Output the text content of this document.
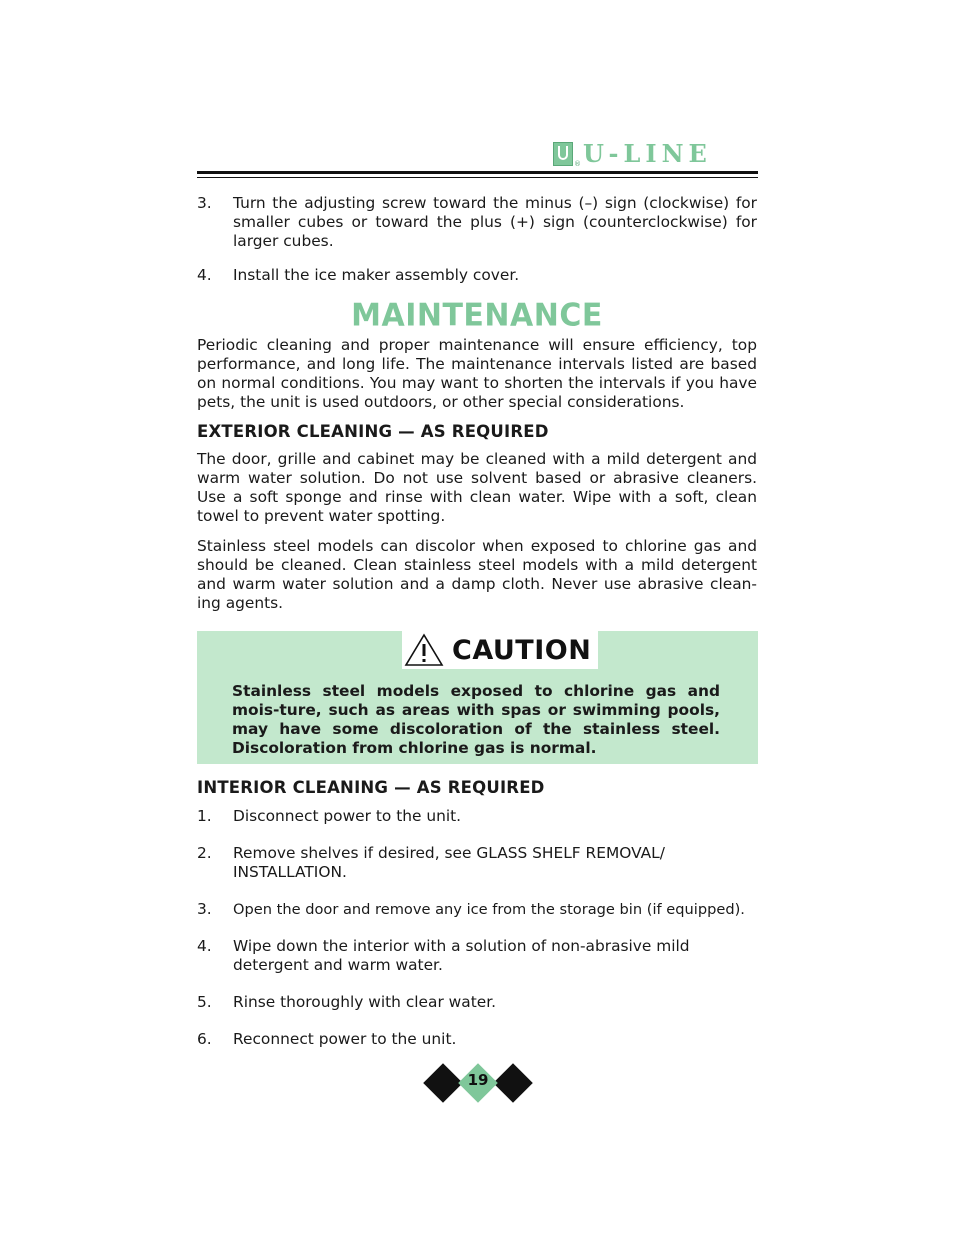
® U-LINE
3.	Turn the adjusting screw toward the minus (–) sign (clockwise) for smaller cubes or toward the plus (+) sign (counterclockwise) for larger cubes.
4.	Install the ice maker assembly cover.
MAINTENANCE

Periodic cleaning and proper maintenance will ensure efficiency, top performance, and long life. The maintenance intervals listed are based on normal conditions. You may want to shorten the intervals if you have pets, the unit is used outdoors, or other special considerations.

EXTERIOR CLEANING — AS REQUIRED

The door, grille and cabinet may be cleaned with a mild detergent and warm water solution. Do not use solvent based or abrasive cleaners. Use a soft sponge and rinse with clean water. Wipe with a soft, clean towel to prevent water spotting.

Stainless steel models can discolor when exposed to chlorine gas and should be cleaned. Clean stainless steel models with a mild detergent and warm water solution and a damp cloth. Never use abrasive clean-ing agents.

CAUTION
Stainless steel models exposed to chlorine gas and mois-ture, such as areas with spas or swimming pools, may have some discoloration of the stainless steel. Discoloration from chlorine gas is normal.
INTERIOR CLEANING — AS REQUIRED
1.	Disconnect power to the unit.
2.	Remove shelves if desired, see GLASS SHELF REMOVAL/ INSTALLATION.
3.	Open the door and remove any ice from the storage bin (if equipped).
4.	Wipe down the interior with a solution of non-abrasive mild detergent and warm water.
5.	Rinse thoroughly with clear water.
6.	Reconnect power to the unit.
19
